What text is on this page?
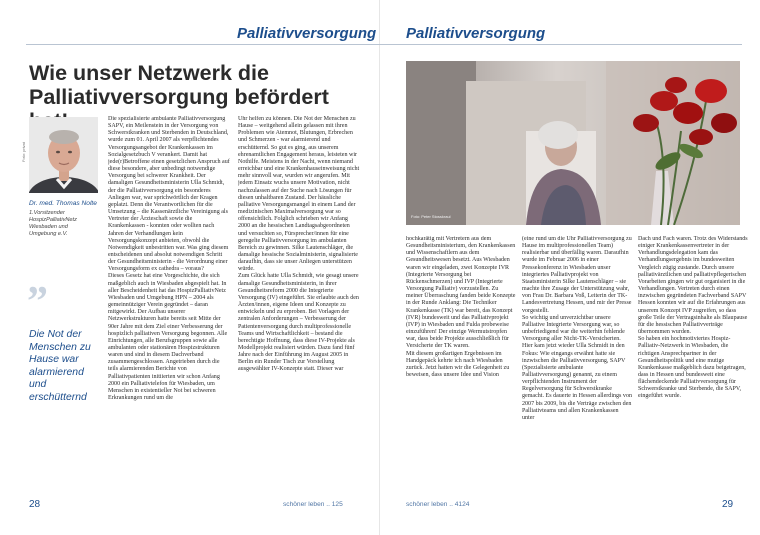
Palliativversorgung
Wie unser Netzwerk die Palliativversorgung befördert
Foto: privat
Dr. med. Thomas Nolte
1.Vorsitzender HospizPalliativNetz Wiesbaden und Umgebung e.V.
”
Die Not der Menschen zu Hause war alarmierend und erschütternd

Die spezialisierte ambulante Palliativversorgung SAPV, ein Meilenstein in der Versorgung von Schwerstkranken und Sterbenden in Deutschland, wurde zum 01. April 2007 als verpflichtendes Versorgungsangebot der Krankenkassen im Sozialgesetzbuch V verankert. Damit hat jede(r)Betroffene einen gesetzlichen Anspruch auf diese besondere, aber unbedingt notwendige Versorgung bei schwerer Krankheit. Der damaligen Gesundheitsministerin Ulla Schmidt, der die Palliativversorgung ein besonderes Anliegen war, war sprichwörtlich der Kragen geplatzt. Denn die Verantwortlichen für die Umsetzung – die Kassenärztliche Vereinigung als Vertreter der Ärzteschaft sowie die Krankenkassen - konnten oder wollten nach Jahren der Verhandlungen kein Versorgungskonzept anbieten, obwohl die Notwendigkeit unbestritten war. Was ging diesem entscheidenen und absolut notwendigen Schritt der Gesundheitsministerin - die Verordnung einer Versorgungsform ex cathedra – voraus?

Dieses Gesetz hat eine Vorgeschichte, die sich maßgeblich auch in Wiesbaden abgespielt hat. In aller Bescheidenheit hat das HospizPalliativNetz Wiesbaden und Umgebung HPN – 2004 als gemeinnütziger Verein gegründet – daran mitgewirkt. Der Aufbau unserer Netzwerkstrukturen hatte bereits seit Mitte der 90er Jahre mit dem Ziel einer Verbesserung der hospizlich palliativen Versorgung begonnen. Alle Einrichtungen, alle Berufsgruppen sowie alle ambulanten oder stationären Hospizstrukturen waren und sind in diesem Dachverband zusammengeschlossen. Angetrieben durch die teils alarmierenden Berichte von Palliativpatienten initiierten wir schon Anfang 2000 ein Palliativtelefon für Wiesbaden, um Menschen in existentieller Not bei schweren Erkrankungen rund um die

Uhr helfen zu können. Die Not der Menschen zu Hause – weitgehend allein gelassen mit ihren Problemen wie Atemnot, Blutungen, Erbrechen und Schmerzen - war alarmierend und erschütternd. So gut es ging, aus unserem ehrenamtlichen Engagement heraus, leisteten wir Nothilfe. Meistens in der Nacht, wenn niemand erreichbar und eine Krankenhauseinweisung nicht mehr sinnvoll war, wurden wir angerufen. Mit jedem Einsatz wuchs unsere Motivation, nicht nachzulassen auf der Suche nach Lösungen für diesen unhaltbaren Zustand. Der häusliche palliative Versorgungsmangel in einem Land der medizinischen Maximalversorgung war so offensichtlich. Folglich schrieben wir Anfang 2000 an die hessischen Landtagsabgeordneten und versuchten so, Fürsprecher/innen für eine geregelte Palliativversorgung im ambulanten Bereich zu gewinnen. Silke Lautenschläger, die damalige hessische Sozialministerin, signalisierte daraufhin, dass sie unser Anliegen unterstützen würde.

Zum Glück hatte Ulla Schmidt, wie gesagt unsere damalige Gesundheitsministerin, in ihrer Gesundheitsreform 2000 die Integrierte Versorgung (IV) eingeführt. Sie erlaubte auch den Ärzten/innen, eigene Ideen und Konzepte zu entwickeln und zu erproben. Bei Vorlagen der zentralen Anforderungen – Verbesserung der Patientenversorgung durch multiprofessionelle Teams und Wirtschaftlichkeit – bestand die berechtigte Hoffnung, dass diese IV-Projekte als Modellprojekt realisiert würden. Dazu fand fünf Jahre nach der Einführung im August 2005 in Berlin ein Runder Tisch zur Vorstellung ausgewählter IV-Konzepte statt. Dieser war

28	schöner leben .. 125
Palliativversorgung
Foto: Peter Stosskraul

hochkarätig mit Vertretern aus dem Gesundheitsministerium, den Krankenkassen und Wissenschaftlern aus dem Gesundheitswesen besetzt. Aus Wiesbaden waren wir eingeladen, zwei Konzepte IVR (Integrierte Versorgung bei Rückenschmerzen) und IVP (Integrierte Versorgung Palliativ) vorzustellen. Zu meiner Überraschung fanden beide Konzepte in der Runde Anklang: Die Techniker Krankenkasse (TK) war bereit, das Konzept (IVR) bundesweit und das Palliativprojekt (IVP) in Wiesbaden und Fulda probeweise einzuführen! Der einzige Wermutstropfen war, dass beide Projekte ausschließlich für Versicherte der TK waren.

Mit diesem großartigen Ergebnissen im Handgepäck kehrte ich nach Wiesbaden zurück. Jetzt hatten wir die Gelegenheit zu beweisen, dass unsere Idee und Vision

(eine rund um die Uhr Palliativversorgung zu Hause im multiprofessionellen Team) realisierbar und überfällig waren. Daraufhin wurde im Februar 2006 in einer Pressekonferenz in Wiesbaden unser integriertes Palliativprojekt von Staatsministerin Silke Lautenschläger – sie machte ihre Zusage der Unterstützung wahr, von Frau Dr. Barbara Voß, Leiterin der TK-Landesvertretung Hessen, und mir der Presse vorgestellt.

So wichtig und unverzichtbar unsere Palliative Integrierte Versorgung war, so unbefriedigend war die weiterhin fehlende Versorgung aller Nicht-TK-Versicherten. Hier kam jetzt wieder Ulla Schmidt in den Fokus: Wie eingangs erwähnt hatte sie inzwischen die Palliativversorgung, SAPV (Spezialisierte ambulante Palliativversorgung) genannt, zu einem verpflichtenden Instrument der Regelversorgung für Schwerstkranke gemacht. Es dauerte in Hessen allerdings von 2007 bis 2009, bis die Verträge zwischen den Palliativteams und allen Krankenkassen unter

Dach und Fach waren. Trotz des Widerstands einiger Krankenkassenvertreter in der Verhandlungsdelegation kam das Verhandlungsergebnis im bundesweiten Vergleich zügig zustande. Durch unsere palliativärztlichen und palliativpflegerischen Vorarbeiten gingen wir gut organisiert in die Verhandlungen. Vertreten durch einen inzwischen gegründeten Fachverband SAPV Hessen konnten wir auf die Erfahrungen aus unserem Konzept IVP zugreifen, so dass große Teile der Vertragsinhalte als Blaupause für die hessischen Palliativverträge übernommen wurden.

So haben ein hochmotiviertes Hospiz-Palliativ-Netzwerk in Wiesbaden, die richtigen Ansprechpartner in der Gesundheitspolitik und eine mutige Krankenkasse maßgeblich dazu beigetragen, dass in Hessen und bundesweit eine flächendeckende Palliativversorgung für Schwerstkranke und Sterbende, die SAPV, eingeführt wurde.

schöner leben .. 4124	29
